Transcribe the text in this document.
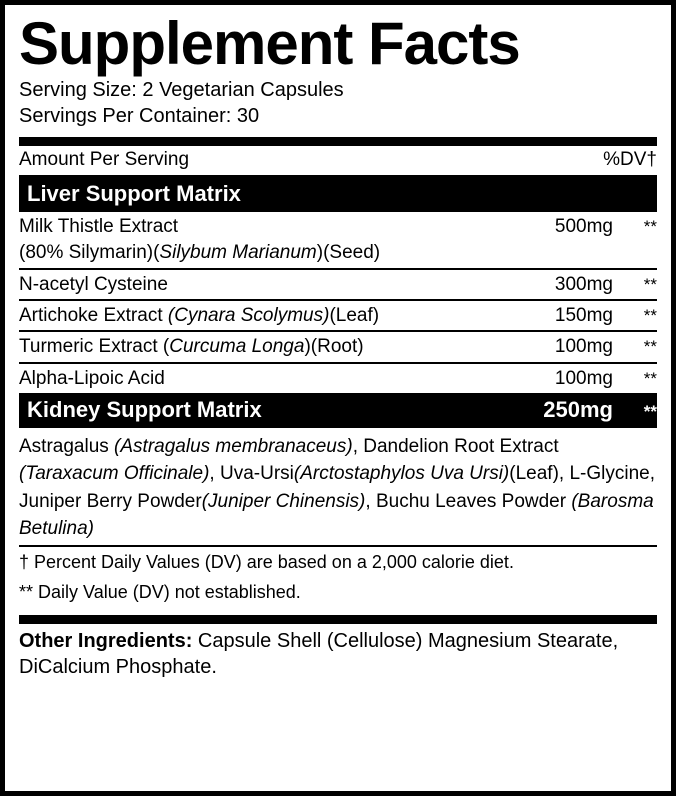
Supplement Facts
Serving Size: 2 Vegetarian Capsules
Servings Per Container: 30
Amount Per Serving	%DV†
Liver Support Matrix
Milk Thistle Extract	500mg	**
(80% Silymarin)(Silybum Marianum)(Seed)
N-acetyl Cysteine	300mg	**
Artichoke Extract (Cynara Scolymus)(Leaf)	150mg	**
Turmeric Extract (Curcuma Longa)(Root)	100mg	**
Alpha-Lipoic Acid	100mg	**
Kidney Support Matrix	250mg	**
Astragalus (Astragalus membranaceus), Dandelion Root Extract (Taraxacum Officinale), Uva-Ursi(Arctostaphylos Uva Ursi)(Leaf), L-Glycine, Juniper Berry Powder(Juniper Chinensis), Buchu Leaves Powder (Barosma Betulina)
† Percent Daily Values (DV) are based on a 2,000 calorie diet.
** Daily Value (DV) not established.
Other Ingredients: Capsule Shell (Cellulose) Magnesium Stearate, DiCalcium Phosphate.
